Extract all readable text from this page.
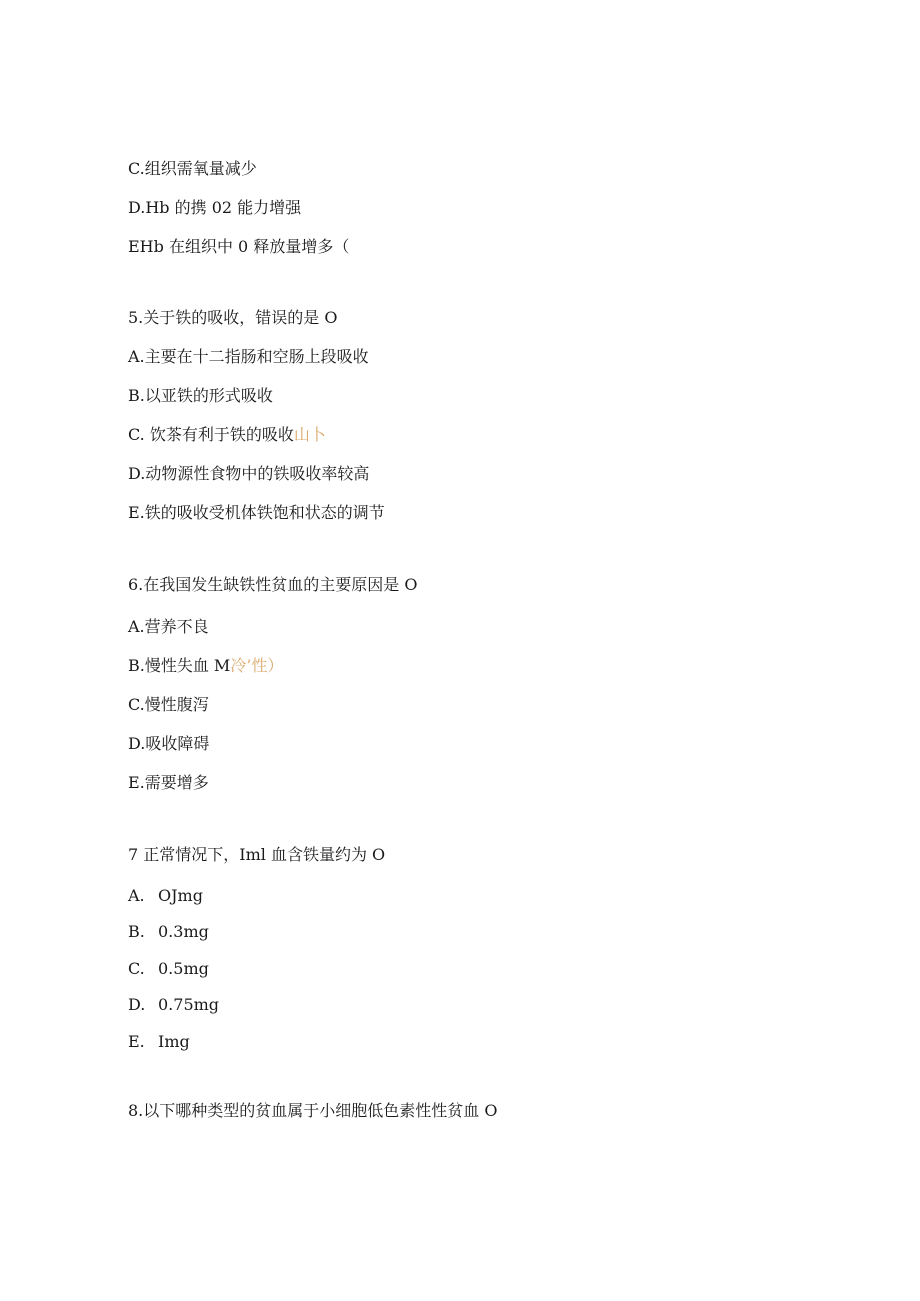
C.组织需氧量减少
D.Hb 的携 02 能力增强
EHb 在组织中 0 释放量增多（
5.关于铁的吸收，错误的是 O
A.主要在十二指肠和空肠上段吸收
B.以亚铁的形式吸收
C. 饮茶有利于铁的吸收山卜
D.动物源性食物中的铁吸收率较高
E.铁的吸收受机体铁饱和状态的调节
6.在我国发生缺铁性贫血的主要原因是 O
A.营养不良
B.慢性失血 M冷’性）
C.慢性腹泻
D.吸收障碍
E.需要增多
7 正常情况下，Iml 血含铁量约为 O
A. OJmg
B. 0.3mg
C. 0.5mg
D. 0.75mg
E. Img
8.以下哪种类型的贫血属于小细胞低色素性性贫血 O
